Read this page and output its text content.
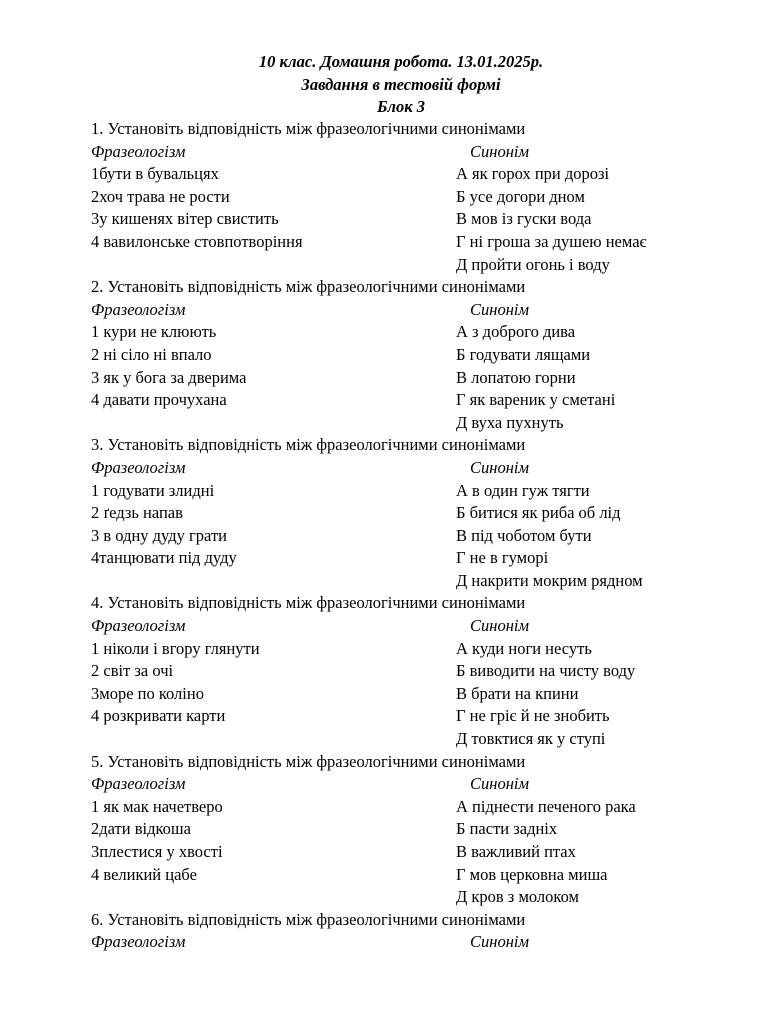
10 клас. Домашня робота. 13.01.2025р.
Завдання в тестовій формі
Блок 3
1. Установіть відповідність між фразеологічними синонімами
Фразеологізм	Синонім
1бути в бувальцях	А як горох при дорозі
2хоч трава не рости	Б усе догори дном
3у кишенях вітер свистить	В мов із гуски вода
4 вавилонське стовпотворіння	Г ні гроша за душею немає
Д пройти огонь і воду
2. Установіть відповідність між фразеологічними синонімами
Фразеологізм	Синонім
1 кури не клюють	А з доброго дива
2 ні сіло ні впало	Б годувати лящами
3 як у бога за дверима	В лопатою горни
4 давати прочухана	Г як вареник у сметані
Д вуха пухнуть
3. Установіть відповідність між фразеологічними синонімами
Фразеологізм	Синонім
1 годувати злидні	А в один гуж тягти
2 ґедзь напав	Б битися як риба об лід
3 в одну дуду грати	В під чоботом бути
4танцювати під дуду	Г не в гуморі
Д накрити мокрим рядном
4. Установіть відповідність між фразеологічними синонімами
Фразеологізм	Синонім
1 ніколи і вгору глянути	А куди ноги несуть
2 світ за очі	Б виводити на чисту воду
3море по коліно	В брати на кпини
4 розкривати карти	Г не гріє й не знобить
Д товктися як у ступі
5. Установіть відповідність між фразеологічними синонімами
Фразеологізм	Синонім
1 як мак начетверо	А піднести печеного рака
2дати відкоша	Б пасти задніх
3плестися у хвості	В важливий птах
4 великий цабе	Г мов церковна миша
Д кров з молоком
6. Установіть відповідність між фразеологічними синонімами
Фразеологізм	Синонім
